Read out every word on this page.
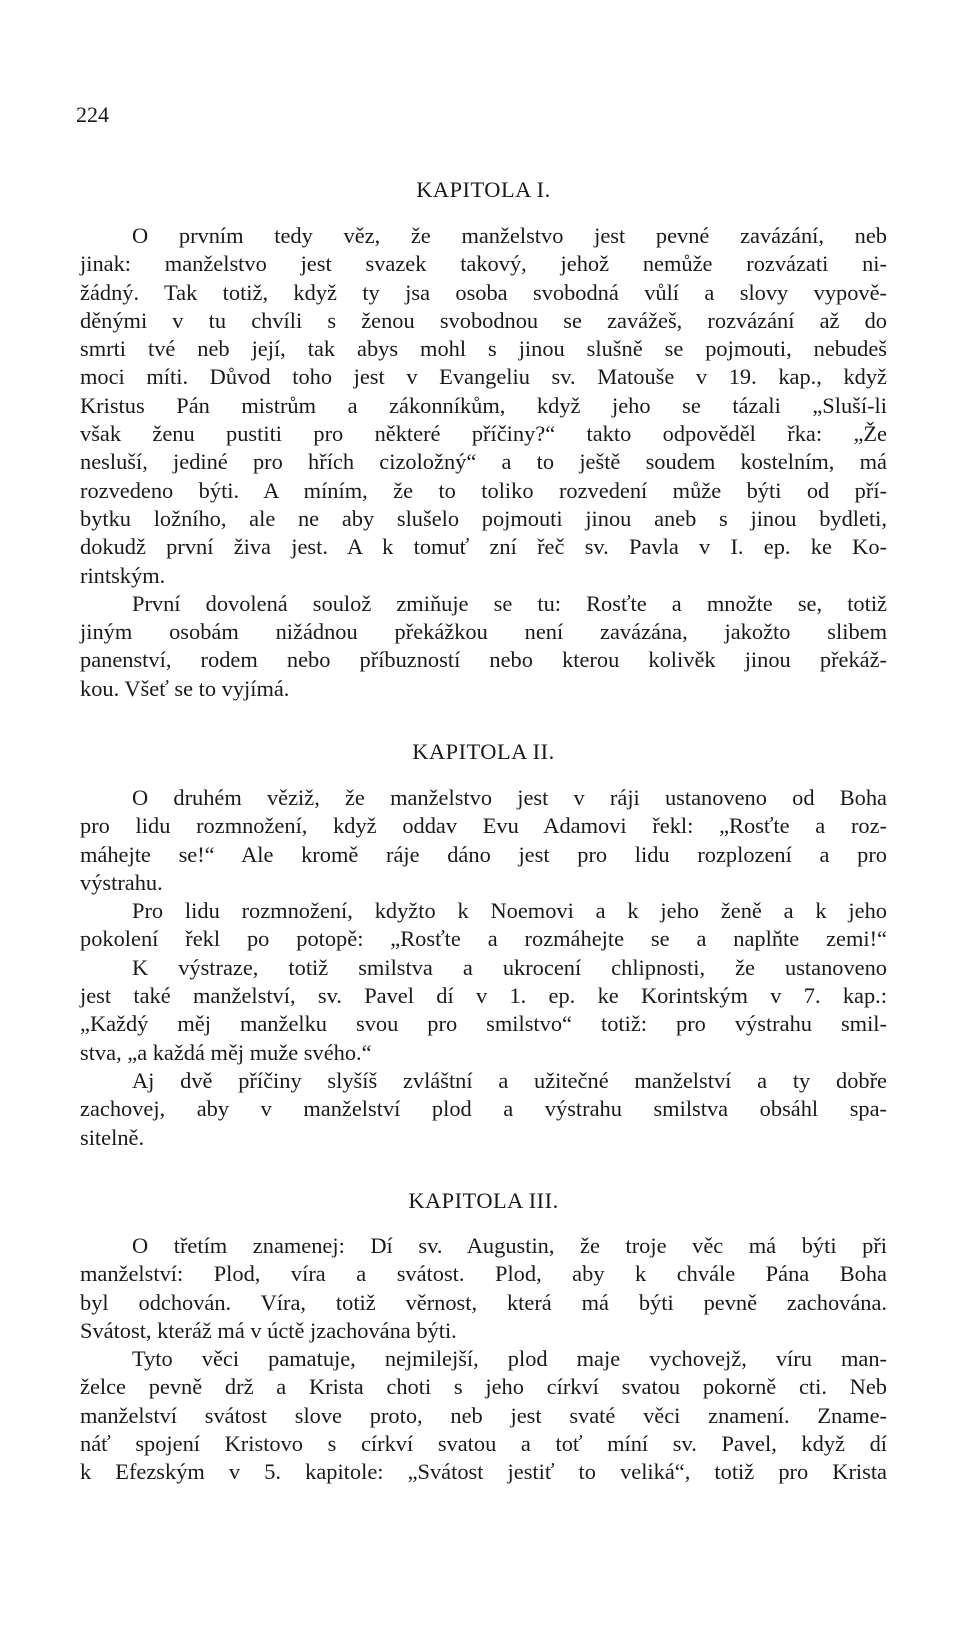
224
KAPITOLA I.
O prvním tedy věz, že manželstvo jest pevné zavázání, neb
jinak: manželstvo jest svazek takový, jehož nemůže rozvázati ni-
žádný. Tak totiž, když ty jsa osoba svobodná vůlí a slovy vypově-
děnými v tu chvíli s ženou svobodnou se zavážeš, rozvázání až do
smrti tvé neb její, tak abys mohl s jinou slušně se pojmouti, nebudeš
moci míti. Důvod toho jest v Evangeliu sv. Matouše v 19. kap., když
Kristus Pán mistrům a zákonníkům, když jeho se tázali „Sluší-li
však ženu pustiti pro některé příčiny?“ takto odpověděl řka: „Že
nesluší, jediné pro hřích cizoložný“ a to ještě soudem kostelním, má
rozvedeno býti. A míním, že to toliko rozvedení může býti od pří-
bytku ložního, ale ne aby slušelo pojmouti jinou aneb s jinou bydleti,
dokudž první živa jest. A k tomuť zní řeč sv. Pavla v I. ep. ke Ko-
rintským.
První dovolená soulož zmiňuje se tu: Rosťte a množte se, totiž
jiným osobám nižádnou překážkou není zavázána, jakožto slibem
panenství, rodem nebo příbuzností nebo kterou kolivěk jinou překáž-
kou. Všeť se to vyjímá.
KAPITOLA II.
O druhém věziž, že manželstvo jest v ráji ustanoveno od Boha
pro lidu rozmnožení, když oddav Evu Adamovi řekl: „Rosťte a roz-
máhejte se!“ Ale kromě ráje dáno jest pro lidu rozplození a pro
výstrahu.
Pro lidu rozmnožení, kdyžto k Noemovi a k jeho ženě a k jeho
pokolení řekl po potopě: „Rosťte a rozmáhejte se a naplňte zemi!“
K výstraze, totiž smilstva a ukrocení chlipnosti, že ustanoveno
jest také manželství, sv. Pavel dí v 1. ep. ke Korintským v 7. kap.:
„Každý měj manželku svou pro smilstvo“ totiž: pro výstrahu smil-
stva, „a každá měj muže svého.“
Aj dvě příčiny slyšíš zvláštní a užitečné manželství a ty dobře
zachovej, aby v manželství plod a výstrahu smilstva obsáhl spa-
sitelně.
KAPITOLA III.
O třetím znamenej: Dí sv. Augustin, že troje věc má býti při
manželství: Plod, víra a svátost. Plod, aby k chvále Pána Boha
byl odchován. Víra, totiž věrnost, která má býti pevně zachována.
Svátost, kteráž má v úctě jzachována býti.
Tyto věci pamatuje, nejmilejší, plod maje vychovejž, víru man-
želce pevně drž a Krista choti s jeho církví svatou pokorně cti. Neb
manželství svátost slove proto, neb jest svaté věci znamení. Zname-
náť spojení Kristovo s církví svatou a toť míní sv. Pavel, když dí
k Efezským v 5. kapitole: „Svátost jestiť to veliká“, totiž pro Krista
